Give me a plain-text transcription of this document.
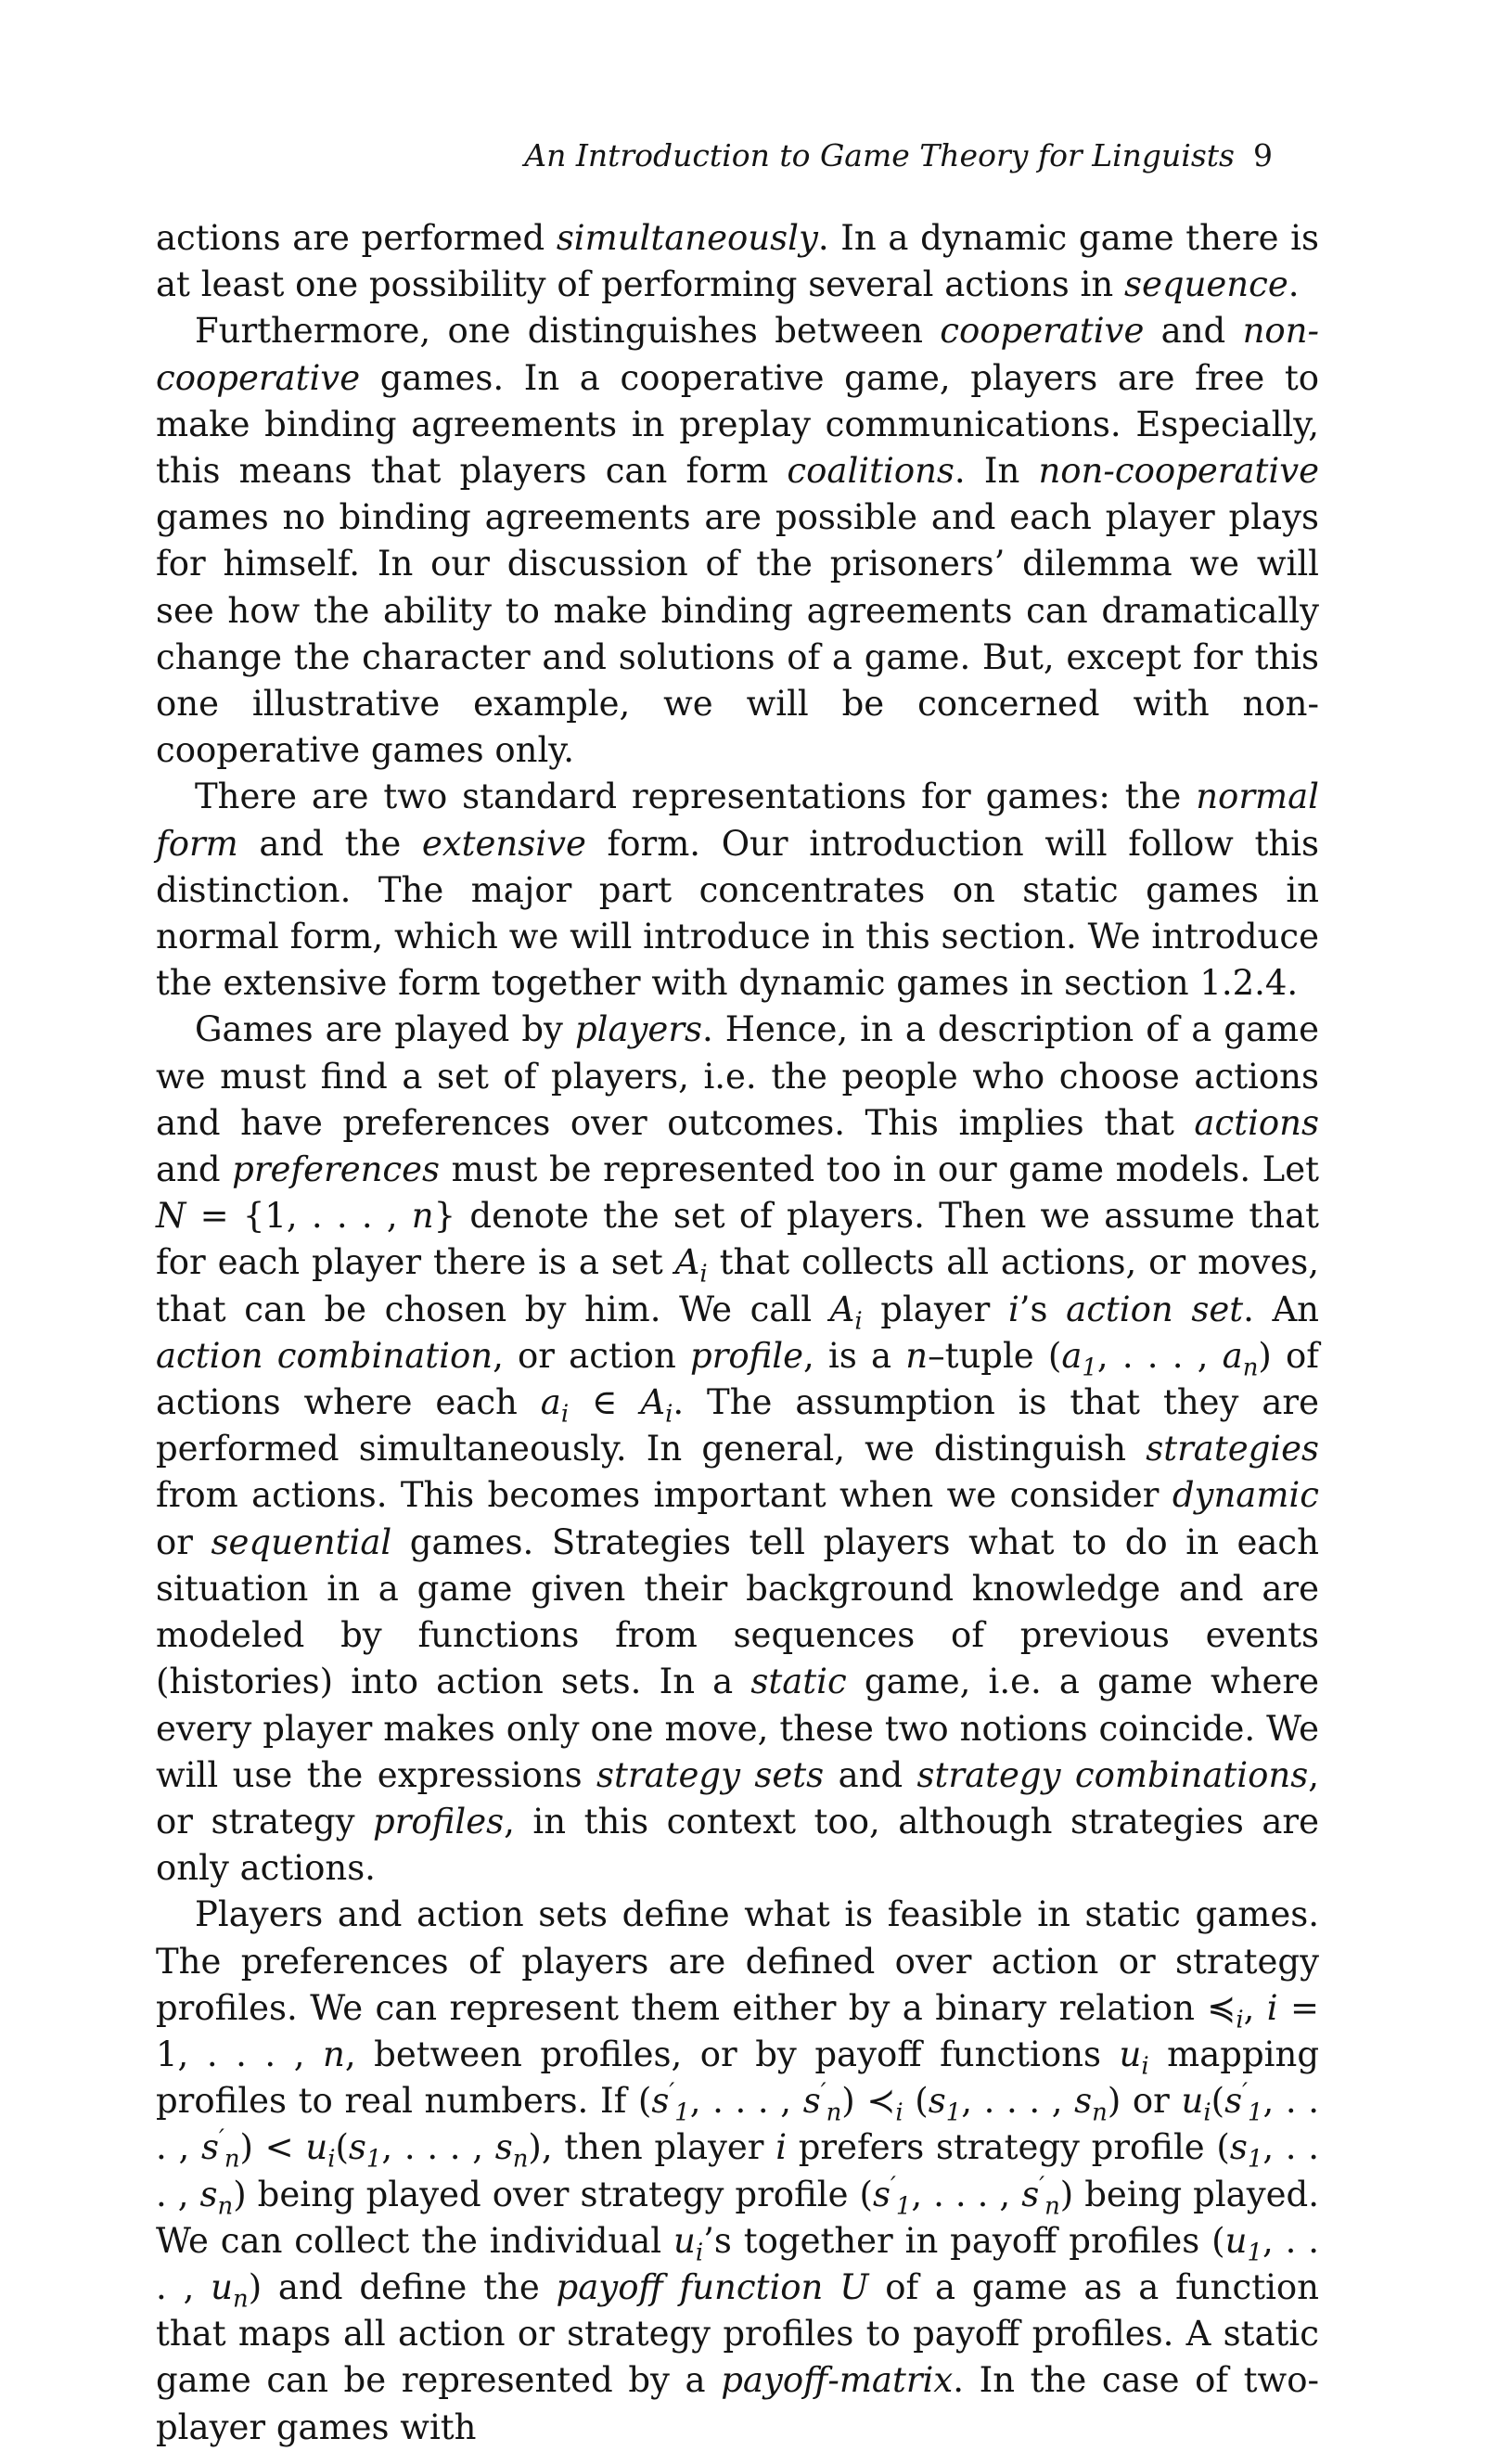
An Introduction to Game Theory for Linguists 9

actions are performed simultaneously. In a dynamic game there is at least one possibility of performing several actions in sequence.

Furthermore, one distinguishes between cooperative and non-cooperative games. In a cooperative game, players are free to make binding agreements in preplay communications. Especially, this means that players can form coalitions. In non-cooperative games no binding agreements are possible and each player plays for himself. In our discussion of the prisoners’ dilemma we will see how the ability to make binding agreements can dramatically change the character and solutions of a game. But, except for this one illustrative example, we will be concerned with non-cooperative games only.

There are two standard representations for games: the normal form and the extensive form. Our introduction will follow this distinction. The major part concentrates on static games in normal form, which we will introduce in this section. We introduce the extensive form together with dynamic games in section 1.2.4.

Games are played by players. Hence, in a description of a game we must find a set of players, i.e. the people who choose actions and have preferences over outcomes. This implies that actions and preferences must be represented too in our game models. Let N = {1, . . . , n} denote the set of players. Then we assume that for each player there is a set $A_i$ that collects all actions, or moves, that can be chosen by him. We call $A_i$ player i’s action set. An action combination, or action profile, is a n–tuple ($a_1$, . . . , $a_n$) of actions where each $a_i$ ∈ $A_i$. The assumption is that they are performed simultaneously. In general, we distinguish strategies from actions. This becomes important when we consider dynamic or sequential games. Strategies tell players what to do in each situation in a game given their background knowledge and are modeled by functions from sequences of previous events (histories) into action sets. In a static game, i.e. a game where every player makes only one move, these two notions coincide. We will use the expressions strategy sets and strategy combinations, or strategy profiles, in this context too, although strategies are only actions.

Players and action sets define what is feasible in static games. The preferences of players are defined over action or strategy profiles. We can represent them either by a binary relation $≼_i$, i = 1, . . . , n, between profiles, or by payoff functions $u_i$ mapping profiles to real numbers. If ($s'_1$, . . . , $s'_n$) $≺_i$ ($s_1$, . . . , $s_n$) or $u_i(s'_1$, . . . , $s'_n) < u_i(s_1$, . . . , $s_n$), then player i prefers strategy profile ($s_1$, . . . , $s_n$) being played over strategy profile ($s'_1$, . . . , $s'_n$) being played. We can collect the individual $u_i’s$ together in payoff profiles ($u_1$, . . . , $u_n$) and define the payoff function U of a game as a function that maps all action or strategy profiles to payoff profiles. A static game can be represented by a payoff-matrix. In the case of two-player games with
